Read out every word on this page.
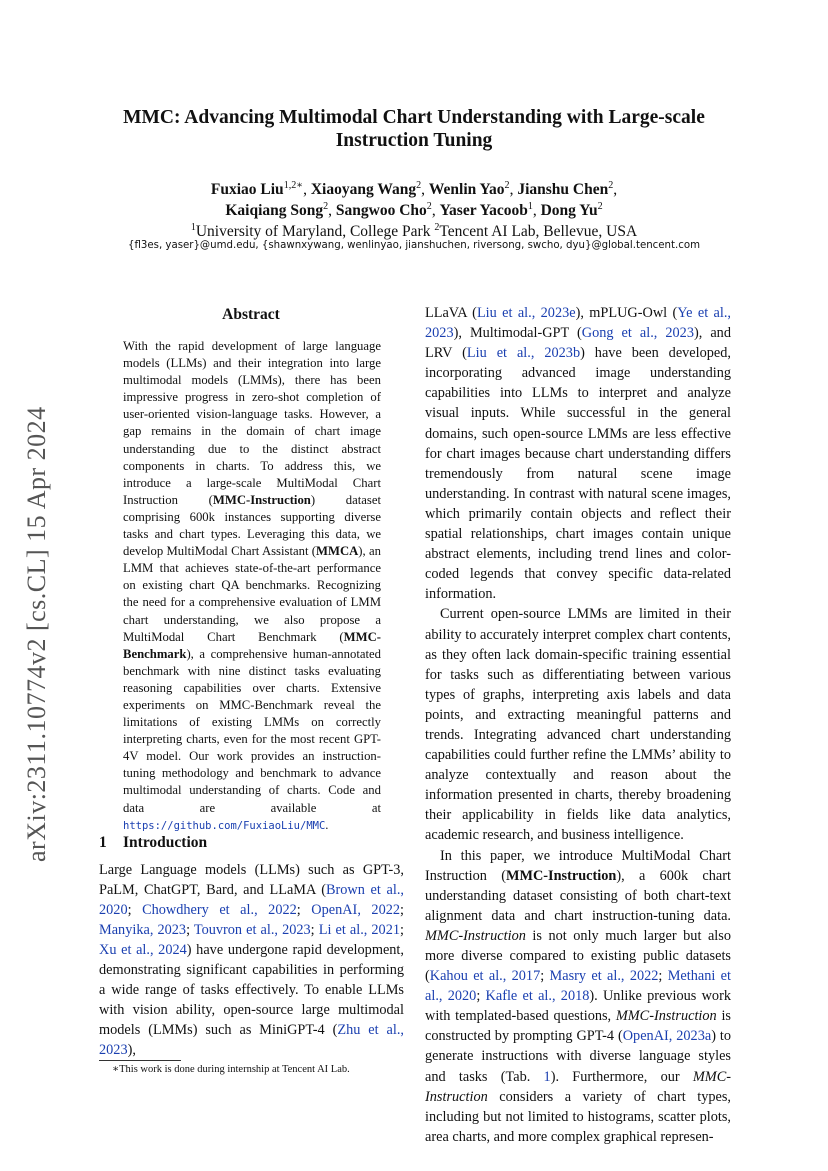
arXiv:2311.10774v2 [cs.CL] 15 Apr 2024
MMC: Advancing Multimodal Chart Understanding with Large-scale
Instruction Tuning
Fuxiao Liu$^{1,2∗}$, Xiaoyang Wang$^2$, Wenlin Yao$^2$, Jianshu Chen$^2$,
Kaiqiang Song$^2$, Sangwoo Cho$^2$, Yaser Yacoob$^1$, Dong Yu$^2$
$^1$University of Maryland, College Park $^2$Tencent AI Lab, Bellevue, USA
{fl3es, yaser}@umd.edu, {shawnxywang, wenlinyao, jianshuchen, riversong, swcho, dyu}@global.tencent.com
Abstract
With the rapid development of large language models (LLMs) and their integration into large multimodal models (LMMs), there has been impressive progress in zero-shot completion of user-oriented vision-language tasks. However, a gap remains in the domain of chart image understanding due to the distinct abstract components in charts. To address this, we introduce a large-scale MultiModal Chart Instruction (MMC-Instruction) dataset comprising 600k instances supporting diverse tasks and chart types. Leveraging this data, we develop MultiModal Chart Assistant (MMCA), an LMM that achieves state-of-the-art performance on existing chart QA benchmarks. Recognizing the need for a comprehensive evaluation of LMM chart understanding, we also propose a MultiModal Chart Benchmark (MMC-Benchmark), a comprehensive human-annotated benchmark with nine distinct tasks evaluating reasoning capabilities over charts. Extensive experiments on MMC-Benchmark reveal the limitations of existing LMMs on correctly interpreting charts, even for the most recent GPT-4V model. Our work provides an instruction-tuning methodology and benchmark to advance multimodal understanding of charts. Code and data are available at https://github.com/FuxiaoLiu/MMC.
1 Introduction
Large Language models (LLMs) such as GPT-3, PaLM, ChatGPT, Bard, and LLaMA (Brown et al., 2020; Chowdhery et al., 2022; OpenAI, 2022; Manyika, 2023; Touvron et al., 2023; Li et al., 2021; Xu et al., 2024) have undergone rapid development, demonstrating significant capabilities in performing a wide range of tasks effectively. To enable LLMs with vision ability, open-source large multimodal models (LMMs) such as MiniGPT-4 (Zhu et al., 2023),
∗This work is done during internship at Tencent AI Lab.

LLaVA (Liu et al., 2023e), mPLUG-Owl (Ye et al., 2023), Multimodal-GPT (Gong et al., 2023), and LRV (Liu et al., 2023b) have been developed, incorporating advanced image understanding capabilities into LLMs to interpret and analyze visual inputs. While successful in the general domains, such open-source LMMs are less effective for chart images because chart understanding differs tremendously from natural scene image understanding. In contrast with natural scene images, which primarily contain objects and reflect their spatial relationships, chart images contain unique abstract elements, including trend lines and color-coded legends that convey specific data-related information.

Current open-source LMMs are limited in their ability to accurately interpret complex chart contents, as they often lack domain-specific training essential for tasks such as differentiating between various types of graphs, interpreting axis labels and data points, and extracting meaningful patterns and trends. Integrating advanced chart understanding capabilities could further refine the LMMs’ ability to analyze contextually and reason about the information presented in charts, thereby broadening their applicability in fields like data analytics, academic research, and business intelligence.

In this paper, we introduce MultiModal Chart Instruction (MMC-Instruction), a 600k chart understanding dataset consisting of both chart-text alignment data and chart instruction-tuning data. MMC-Instruction is not only much larger but also more diverse compared to existing public datasets (Kahou et al., 2017; Masry et al., 2022; Methani et al., 2020; Kafle et al., 2018). Unlike previous work with templated-based questions, MMC-Instruction is constructed by prompting GPT-4 (OpenAI, 2023a) to generate instructions with diverse language styles and tasks (Tab. 1). Furthermore, our MMC-Instruction considers a variety of chart types, including but not limited to histograms, scatter plots, area charts, and more complex graphical represen-
